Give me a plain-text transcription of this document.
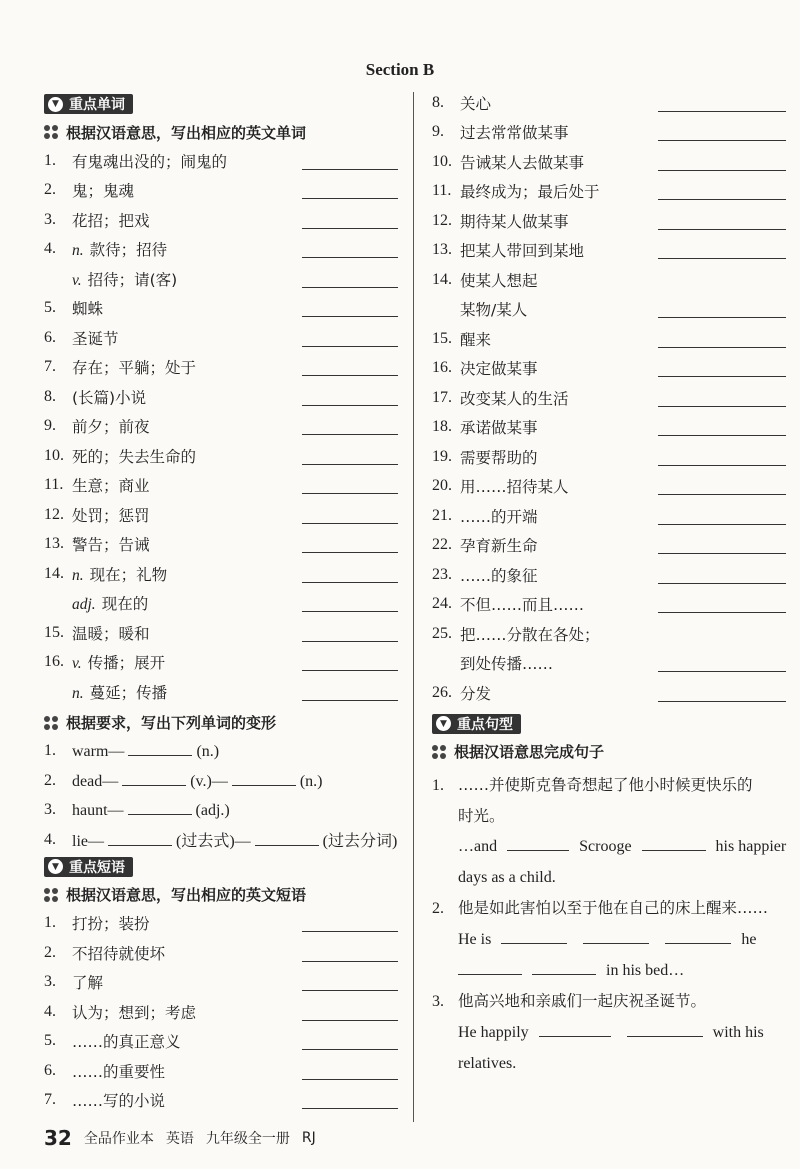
Section B
▼ 重点单词
根据汉语意思，写出相应的英文单词
1.	有鬼魂出没的；闹鬼的
2.	鬼；鬼魂
3.	花招；把戏
4.	n. 款待；招待
v. 招待；请(客)
5.	蜘蛛
6.	圣诞节
7.	存在；平躺；处于
8.	(长篇)小说
9.	前夕；前夜
10. 死的；失去生命的
11. 生意；商业
12. 处罚；惩罚
13. 警告；告诫
14. n. 现在；礼物
adj. 现在的
15. 温暖；暖和
16. v. 传播；展开
n. 蔓延；传播
根据要求，写出下列单词的变形
1.	warm—	(n.)
2.	dead—	(v.)—	(n.)
3.	haunt—	(adj.)
4.	lie—	(过去式)—	(过去分词)
▼ 重点短语
根据汉语意思，写出相应的英文短语
1.	打扮；装扮
2.	不招待就使坏
3.	了解
4.	认为；想到；考虑
5.	……的真正意义
6.	……的重要性
7.	……写的小说
8.	关心
9.	过去常常做某事
10. 告诫某人去做某事
11. 最终成为；最后处于
12. 期待某人做某事
13. 把某人带回到某地
14. 使某人想起
某物/某人
15. 醒来
16. 决定做某事
17. 改变某人的生活
18. 承诺做某事
19. 需要帮助的
20. 用……招待某人
21. ……的开端
22. 孕育新生命
23. ……的象征
24. 不但……而且……
25. 把……分散在各处；
到处传播……
26. 分发
▼ 重点句型
根据汉语意思完成句子
1. ……并使斯克鲁奇想起了他小时候更快乐的
时光。
…and	Scrooge	his happier
days as a child.
2. 他是如此害怕以至于他在自己的床上醒来……
He is	he
in his bed…
3. 他高兴地和亲戚们一起庆祝圣诞节。
He happily	with his
relatives.
32 全品作业本 英语 九年级全一册 RJ
